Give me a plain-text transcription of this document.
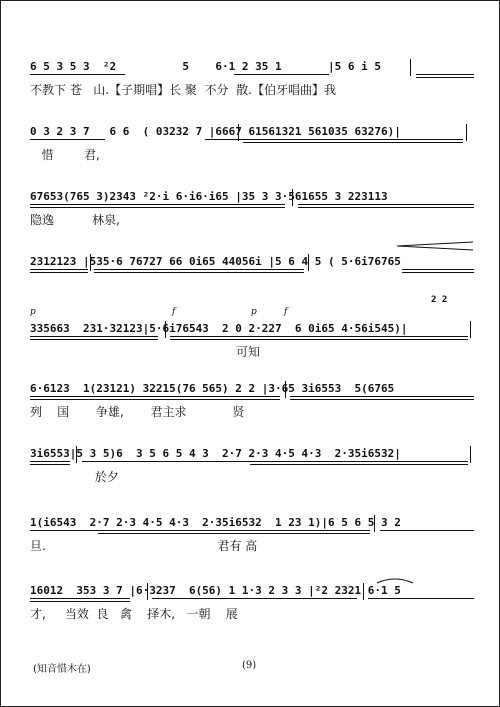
6 5 3 5 3  ²2          5    6·1 2 35 1       |5 6 i 5
不教下 苍   山.【子期唱】长 聚  不分  散.【伯牙唱曲】我
0 3 2 3 7   6 6  ( 03232 7 |6667 61561321 561035 63276)|
惜        君,
67653(765 3)2343 ²2·i 6·i6·i65 |35 3 3·561655 3 223113
隐逸          林泉,
2312123 |535·6 76727 66 0i65 44056i |5 6 4 5 ( 5·6i76765
p	f	p	f
2 2
335663  231·32123|5·6i76543  2 0 2·227  6 0i65 4·56i545)|
可知
6·6123  1(23121) 32215(76 565) 2 2 |3·65 3i6553  5(6765
列    国       争雄,       君主求            贤
3i6553|5 3 5)6  3 5 6 5 4 3  2·7 2·3 4·5 4·3  2·35i6532|
於夕
1(i6543  2·7 2·3 4·5 4·3  2·35i6532  1 23 1)|6 5 6 5 3 2
旦.                                             君有 高
16012  353 3 7 |6·3237  6(56) 1 1·3 2 3 3 |²2 2321 6·1 5
才,     当效  良   禽    择木,   一朝    展
(知音惜木在)	(9)
